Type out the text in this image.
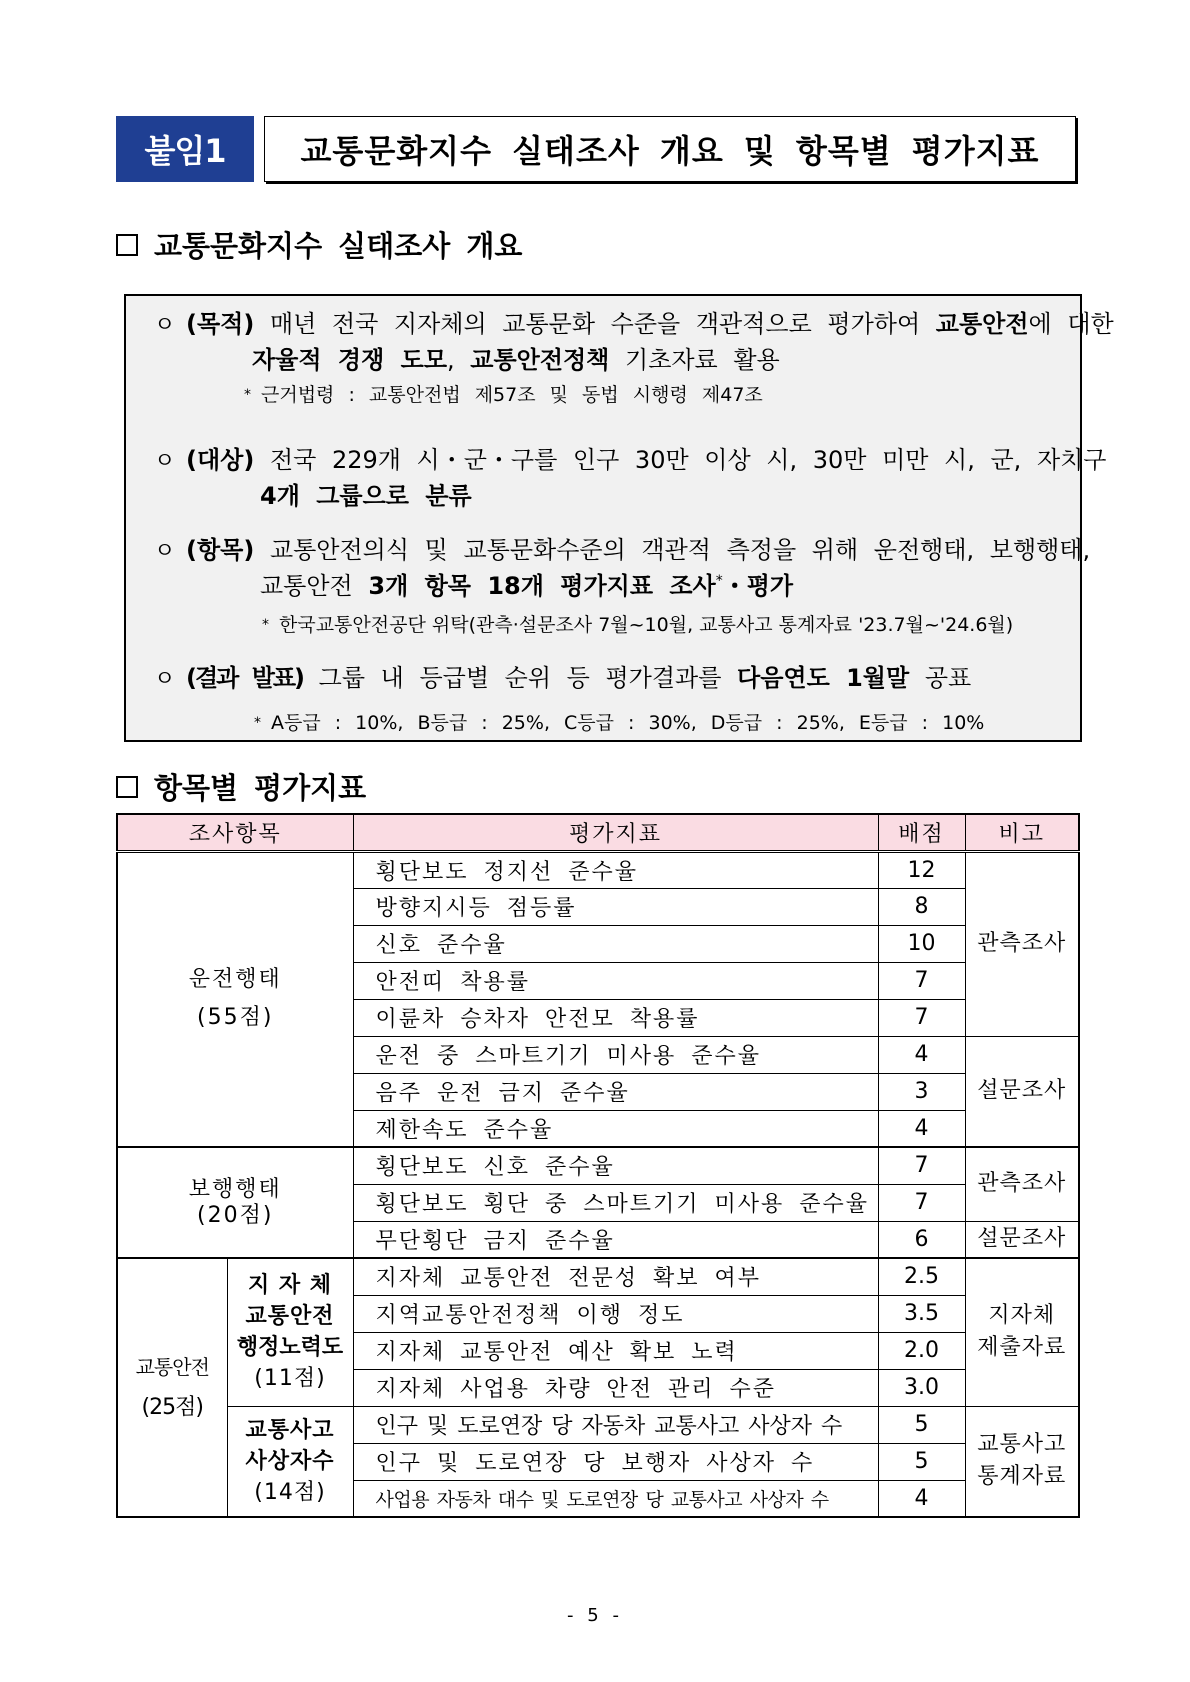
붙임1	교통문화지수 실태조사 개요 및 항목별 평가지표
교통문화지수 실태조사 개요
ㅇ (목적) 매년 전국 지자체의 교통문화 수준을 객관적으로 평가하여 교통안전에 대한
자율적 경쟁 도모, 교통안전정책 기초자료 활용
* 근거법령 : 교통안전법 제57조 및 동법 시행령 제47조
ㅇ (대상) 전국 229개 시・군・구를 인구 30만 이상 시, 30만 미만 시, 군, 자치구
4개 그룹으로 분류
ㅇ (항목) 교통안전의식 및 교통문화수준의 객관적 측정을 위해 운전행태, 보행행태,
교통안전 3개 항목 18개 평가지표 조사*・평가
* 한국교통안전공단 위탁(관측·설문조사 7월~10월, 교통사고 통계자료 '23.7월~'24.6월)
ㅇ (결과 발표) 그룹 내 등급별 순위 등 평가결과를 다음연도 1월말 공표
* A등급 : 10%, B등급 : 25%, C등급 : 30%, D등급 : 25%, E등급 : 10%
항목별 평가지표
조사항목		평가지표	배점	비고
운전행태
(55점)		횡단보도 정지선 준수율	12	관측조사
		방향지시등 점등률	8	
		신호 준수율	10	
		안전띠 착용률	7	
		이륜차 승차자 안전모 착용률	7	
		운전 중 스마트기기 미사용 준수율	4	설문조사
		음주 운전 금지 준수율	3	
		제한속도 준수율	4	
보행행태
(20점)		횡단보도 신호 준수율	7	관측조사
		횡단보도 횡단 중 스마트기기 미사용 준수율	7	
		무단횡단 금지 준수율	6	설문조사
교통안전
(25점)	지 자 체
교통안전
행정노력도
(11점)	지자체 교통안전 전문성 확보 여부	2.5	지자체
제출자료
		지역교통안전정책 이행 정도	3.5	
		지자체 교통안전 예산 확보 노력	2.0	
		지자체 사업용 차량 안전 관리 수준	3.0	
	교통사고
사상자수
(14점)	인구 및 도로연장 당 자동차 교통사고 사상자 수	5	교통사고
통계자료
		인구 및 도로연장 당 보행자 사상자 수	5	
		사업용 자동차 대수 및 도로연장 당 교통사고 사상자 수	4	
- 5 -
